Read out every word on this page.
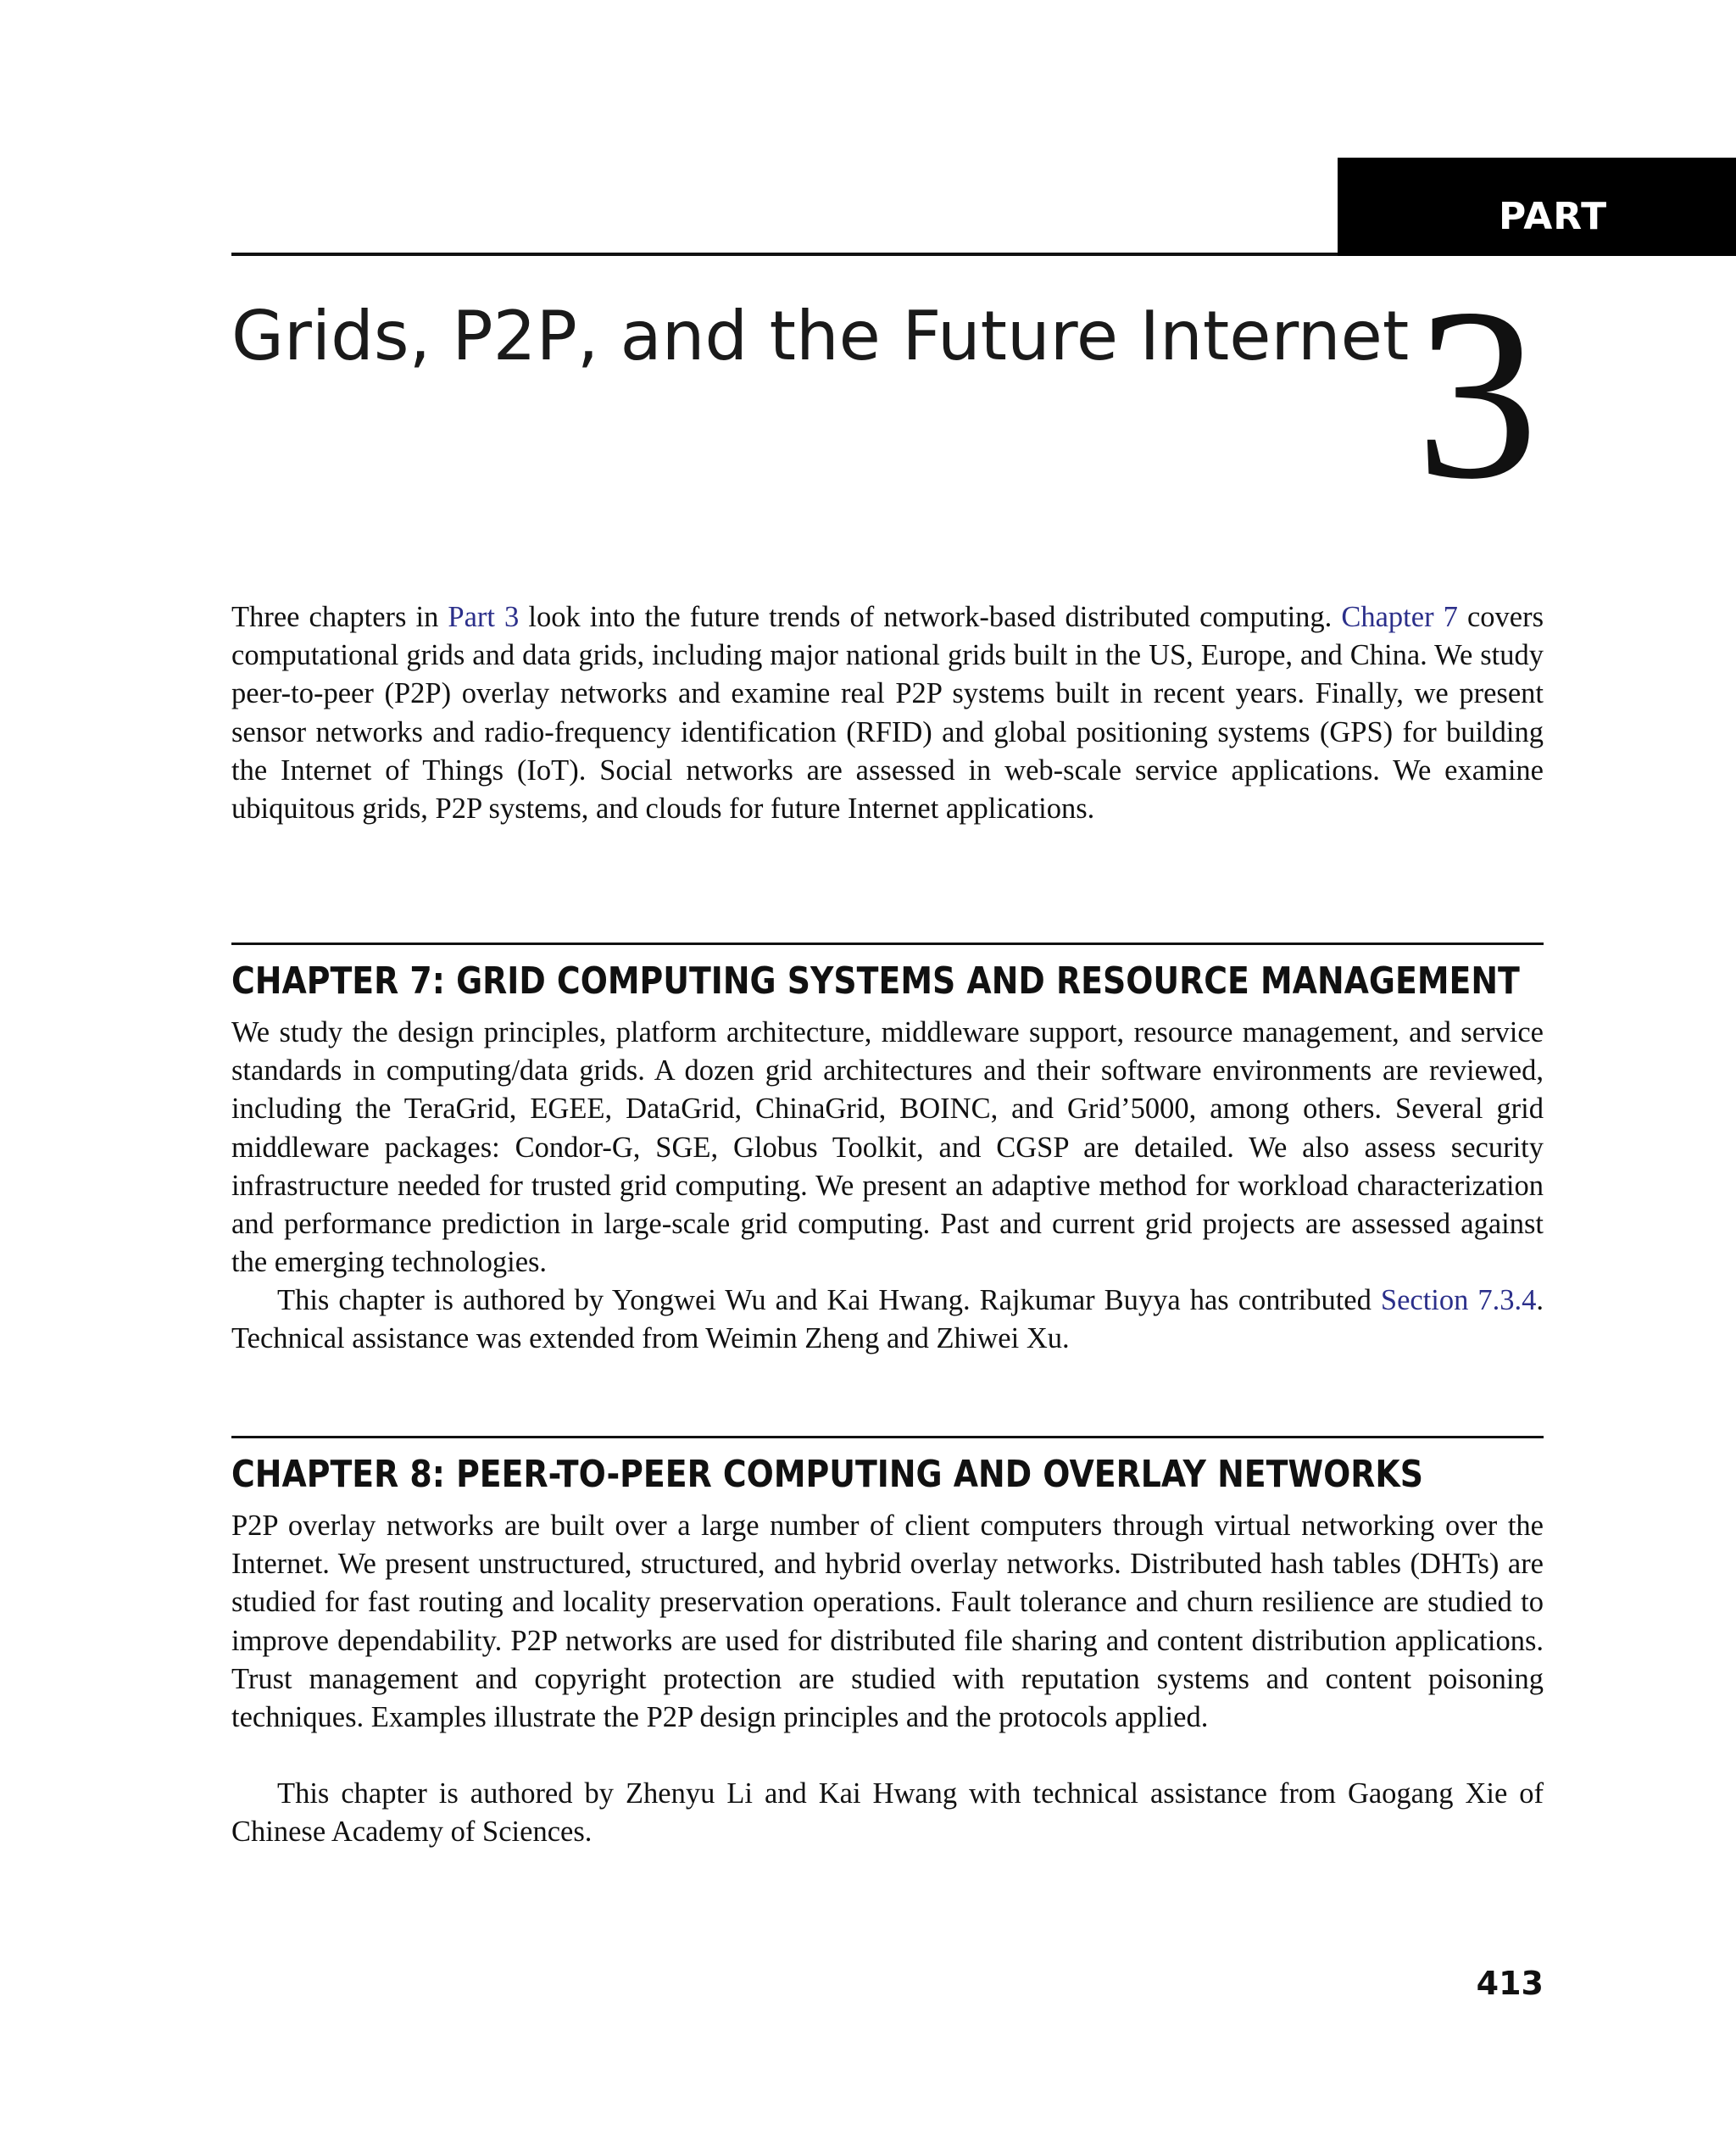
PART
Grids, P2P, and the Future Internet 3

Three chapters in Part 3 look into the future trends of network-based distributed computing. Chapter 7 covers computational grids and data grids, including major national grids built in the US, Europe, and China. We study peer-to-peer (P2P) overlay networks and examine real P2P systems built in recent years. Finally, we present sensor networks and radio-frequency identification (RFID) and global positioning systems (GPS) for building the Internet of Things (IoT). Social networks are assessed in web-scale service applications. We examine ubiquitous grids, P2P systems, and clouds for future Internet applications.

CHAPTER 7: GRID COMPUTING SYSTEMS AND RESOURCE MANAGEMENT

We study the design principles, platform architecture, middleware support, resource management, and service standards in computing/data grids. A dozen grid architectures and their software environments are reviewed, including the TeraGrid, EGEE, DataGrid, ChinaGrid, BOINC, and Grid’5000, among others. Several grid middleware packages: Condor-G, SGE, Globus Toolkit, and CGSP are detailed. We also assess security infrastructure needed for trusted grid computing. We present an adaptive method for workload characterization and performance prediction in large-scale grid computing. Past and current grid projects are assessed against the emerging technologies.

This chapter is authored by Yongwei Wu and Kai Hwang. Rajkumar Buyya has contributed Section 7.3.4. Technical assistance was extended from Weimin Zheng and Zhiwei Xu.

CHAPTER 8: PEER-TO-PEER COMPUTING AND OVERLAY NETWORKS

P2P overlay networks are built over a large number of client computers through virtual networking over the Internet. We present unstructured, structured, and hybrid overlay networks. Distributed hash tables (DHTs) are studied for fast routing and locality preservation operations. Fault tolerance and churn resilience are studied to improve dependability. P2P networks are used for distributed file sharing and content distribution applications. Trust management and copyright protection are studied with reputation systems and content poisoning techniques. Examples illustrate the P2P design principles and the protocols applied.

This chapter is authored by Zhenyu Li and Kai Hwang with technical assistance from Gaogang Xie of Chinese Academy of Sciences.

413
